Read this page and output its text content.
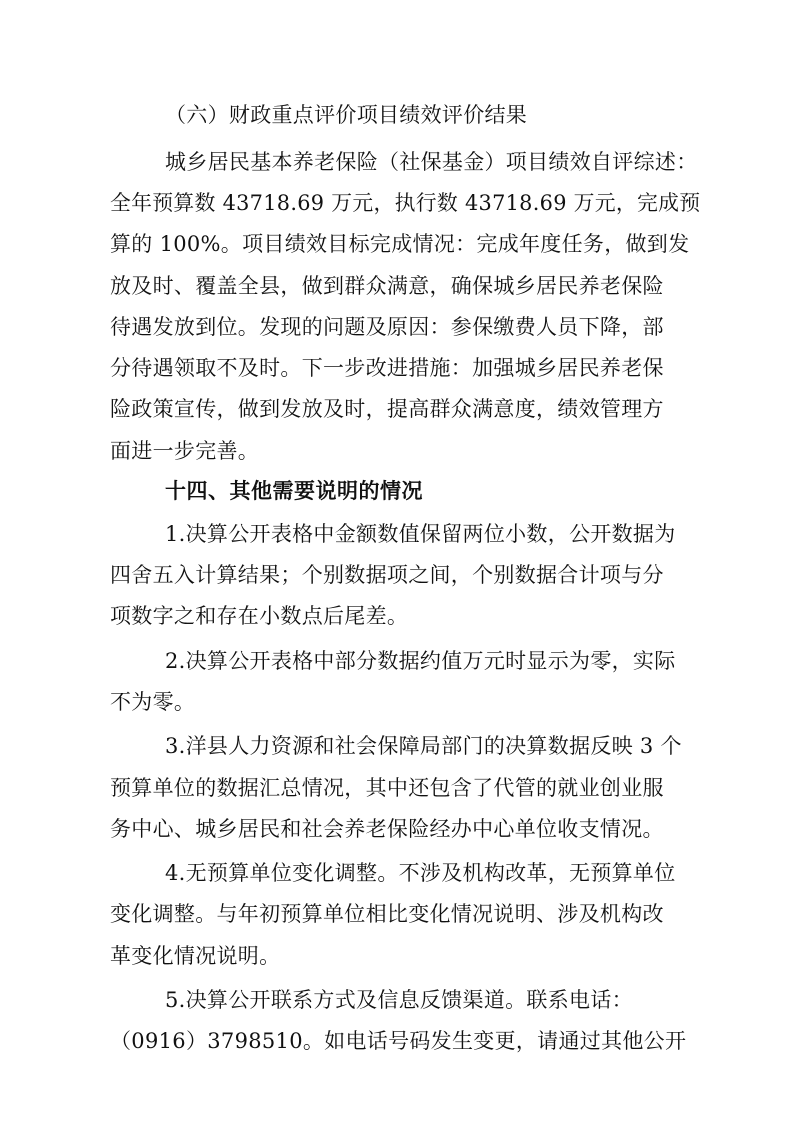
（六）财政重点评价项目绩效评价结果
城乡居民基本养老保险（社保基金）项目绩效自评综述：
全年预算数 43718.69 万元，执行数 43718.69 万元，完成预
算的 100%。项目绩效目标完成情况：完成年度任务，做到发
放及时、覆盖全县，做到群众满意，确保城乡居民养老保险
待遇发放到位。发现的问题及原因：参保缴费人员下降，部
分待遇领取不及时。下一步改进措施：加强城乡居民养老保
险政策宣传，做到发放及时，提高群众满意度，绩效管理方
面进一步完善。
十四、其他需要说明的情况
1.决算公开表格中金额数值保留两位小数，公开数据为
四舍五入计算结果；个别数据项之间，个别数据合计项与分
项数字之和存在小数点后尾差。
2.决算公开表格中部分数据约值万元时显示为零，实际
不为零。
3.洋县人力资源和社会保障局部门的决算数据反映 3 个
预算单位的数据汇总情况，其中还包含了代管的就业创业服
务中心、城乡居民和社会养老保险经办中心单位收支情况。
4.无预算单位变化调整。不涉及机构改革，无预算单位
变化调整。与年初预算单位相比变化情况说明、涉及机构改
革变化情况说明。
5.决算公开联系方式及信息反馈渠道。联系电话：
（0916）3798510。如电话号码发生变更，请通过其他公开
